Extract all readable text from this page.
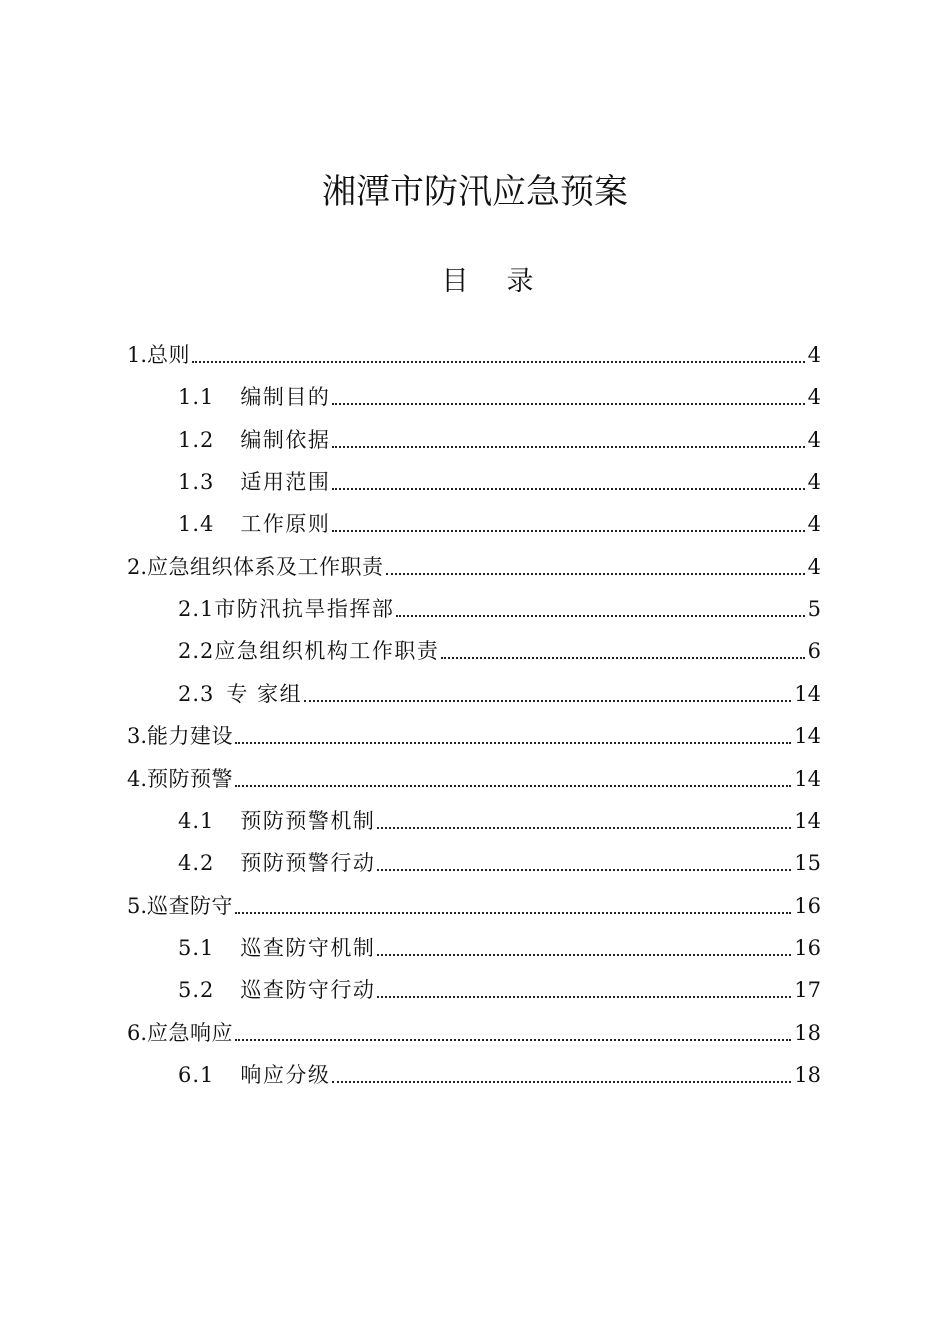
湘潭市防汛应急预案
目 录
1. 总则	4
1.1 编制目的	4
1.2 编制依据	4
1.3 适用范围	4
1.4 工作原则	4
2. 应急组织体系及工作职责	4
2.1 市防汛抗旱指挥部	5
2.2 应急组织机构工作职责	6
2.3 专 家组	14
3. 能力建设	14
4. 预防预警	14
4.1 预防预警机制	14
4.2 预防预警行动	15
5. 巡查防守	16
5.1 巡查防守机制	16
5.2 巡查防守行动	17
6. 应急响应	18
6.1 响应分级	18
